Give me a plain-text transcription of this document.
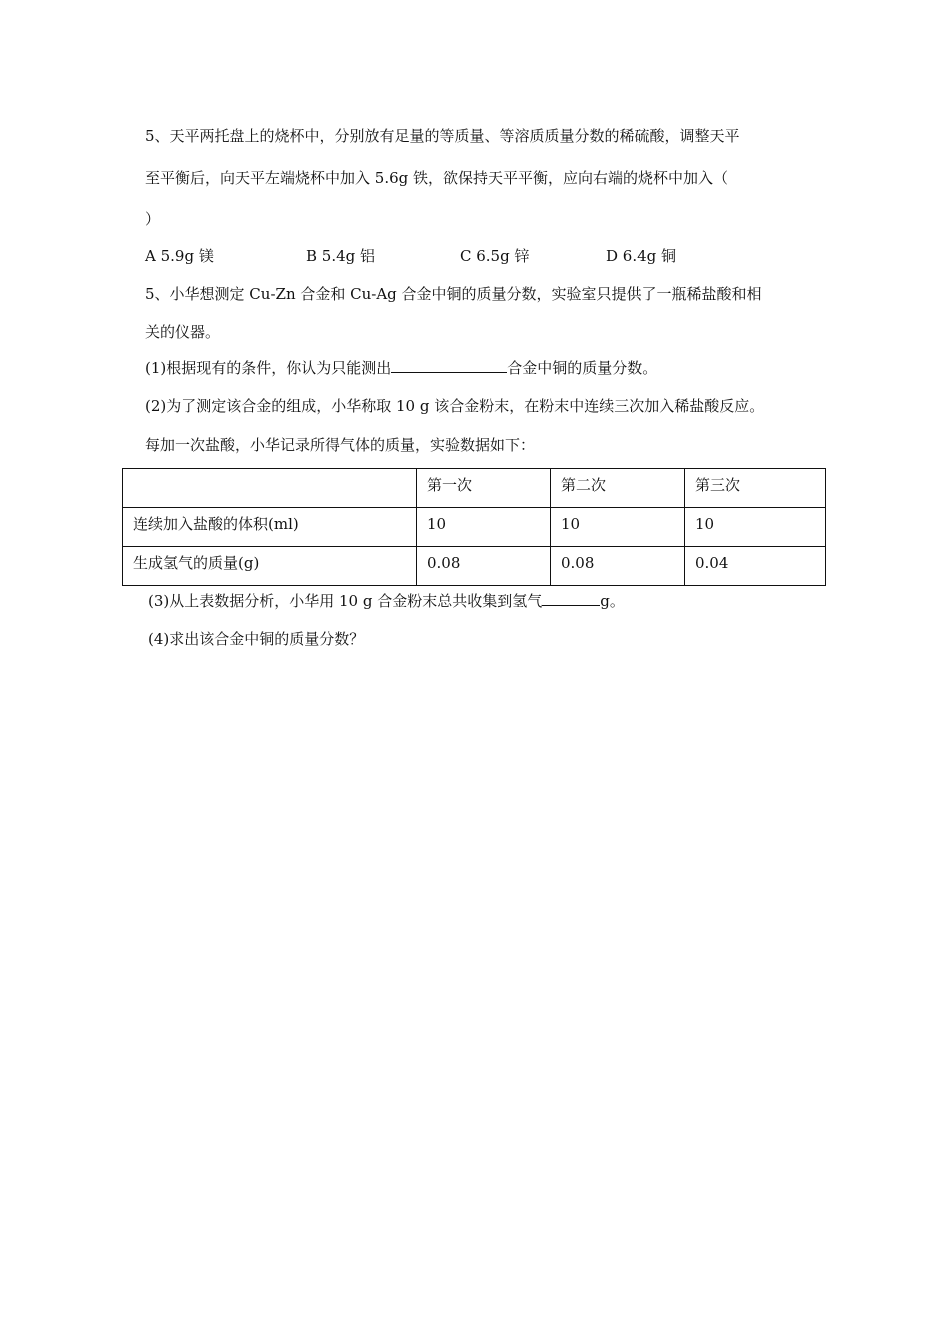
5、天平两托盘上的烧杯中，分别放有足量的等质量、等溶质质量分数的稀硫酸，调整天平
至平衡后，向天平左端烧杯中加入 5.6g 铁，欲保持天平平衡，应向右端的烧杯中加入（
）
A 5.9g 镁	B 5.4g 铝	C 6.5g 锌	D 6.4g 铜
5、小华想测定 Cu-Zn 合金和 Cu-Ag 合金中铜的质量分数，实验室只提供了一瓶稀盐酸和相
关的仪器。
(1)根据现有的条件，你认为只能测出	合金中铜的质量分数。
(2)为了测定该合金的组成，小华称取 10 g 该合金粉末，在粉末中连续三次加入稀盐酸反应。
每加一次盐酸，小华记录所得气体的质量，实验数据如下：

	第一次	第二次	第三次

连续加入盐酸的体积(ml)	10	10	10

生成氢气的质量(g)	0.08	0.08	0.04
(3)从上表数据分析，小华用 10 g 合金粉末总共收集到氢气	g。
(4)求出该合金中铜的质量分数？
